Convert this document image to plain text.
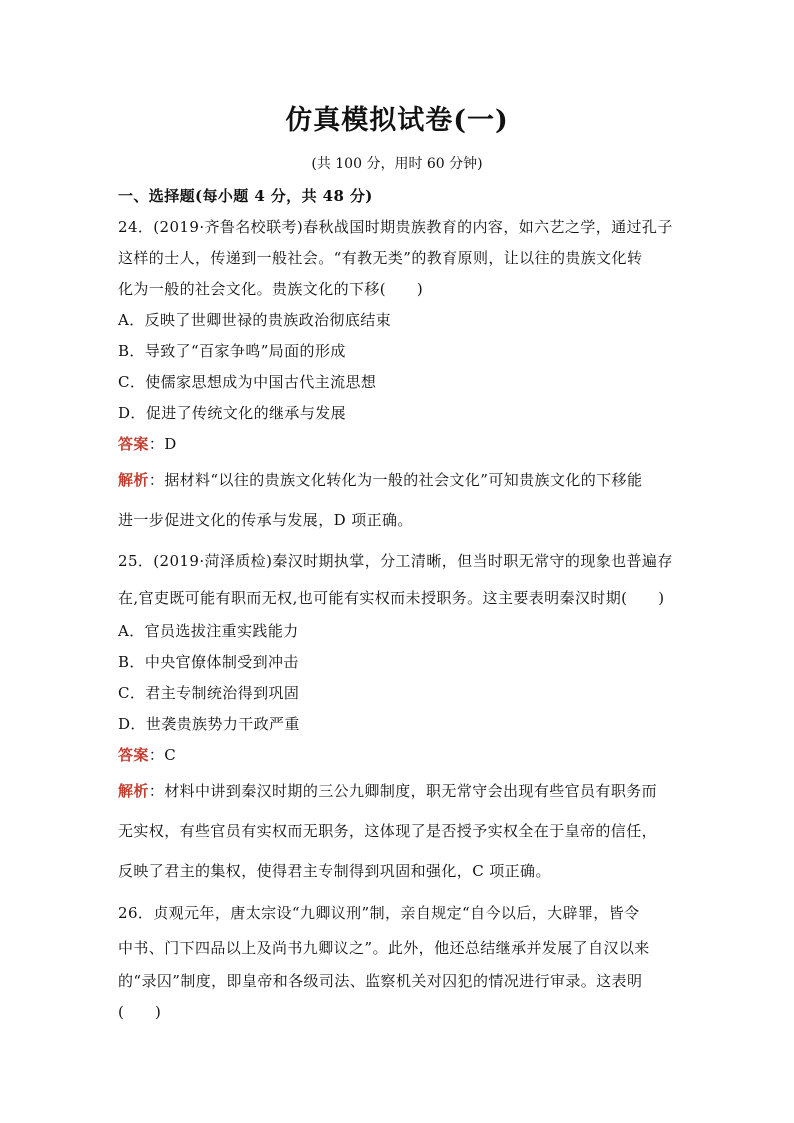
仿真模拟试卷(一)
(共 100 分，用时 60 分钟)
一、选择题(每小题 4 分，共 48 分)
24．(2019·齐鲁名校联考)春秋战国时期贵族教育的内容，如六艺之学，通过孔子
这样的士人，传递到一般社会。“有教无类”的教育原则，让以往的贵族文化转
化为一般的社会文化。贵族文化的下移(　　)
A．反映了世卿世禄的贵族政治彻底结束
B．导致了“百家争鸣”局面的形成
C．使儒家思想成为中国古代主流思想
D．促进了传统文化的继承与发展
答案：D
解析：据材料“以往的贵族文化转化为一般的社会文化”可知贵族文化的下移能
进一步促进文化的传承与发展，D 项正确。
25．(2019·菏泽质检)秦汉时期执掌，分工清晰，但当时职无常守的现象也普遍存
在,官吏既可能有职而无权,也可能有实权而未授职务。这主要表明秦汉时期(　　)
A．官员选拔注重实践能力
B．中央官僚体制受到冲击
C．君主专制统治得到巩固
D．世袭贵族势力干政严重
答案：C
解析：材料中讲到秦汉时期的三公九卿制度，职无常守会出现有些官员有职务而
无实权，有些官员有实权而无职务，这体现了是否授予实权全在于皇帝的信任，
反映了君主的集权，使得君主专制得到巩固和强化，C 项正确。
26．贞观元年，唐太宗设“九卿议刑”制，亲自规定“自今以后，大辟罪，皆令
中书、门下四品以上及尚书九卿议之”。此外，他还总结继承并发展了自汉以来
的“录囚”制度，即皇帝和各级司法、监察机关对囚犯的情况进行审录。这表明
(　　)
